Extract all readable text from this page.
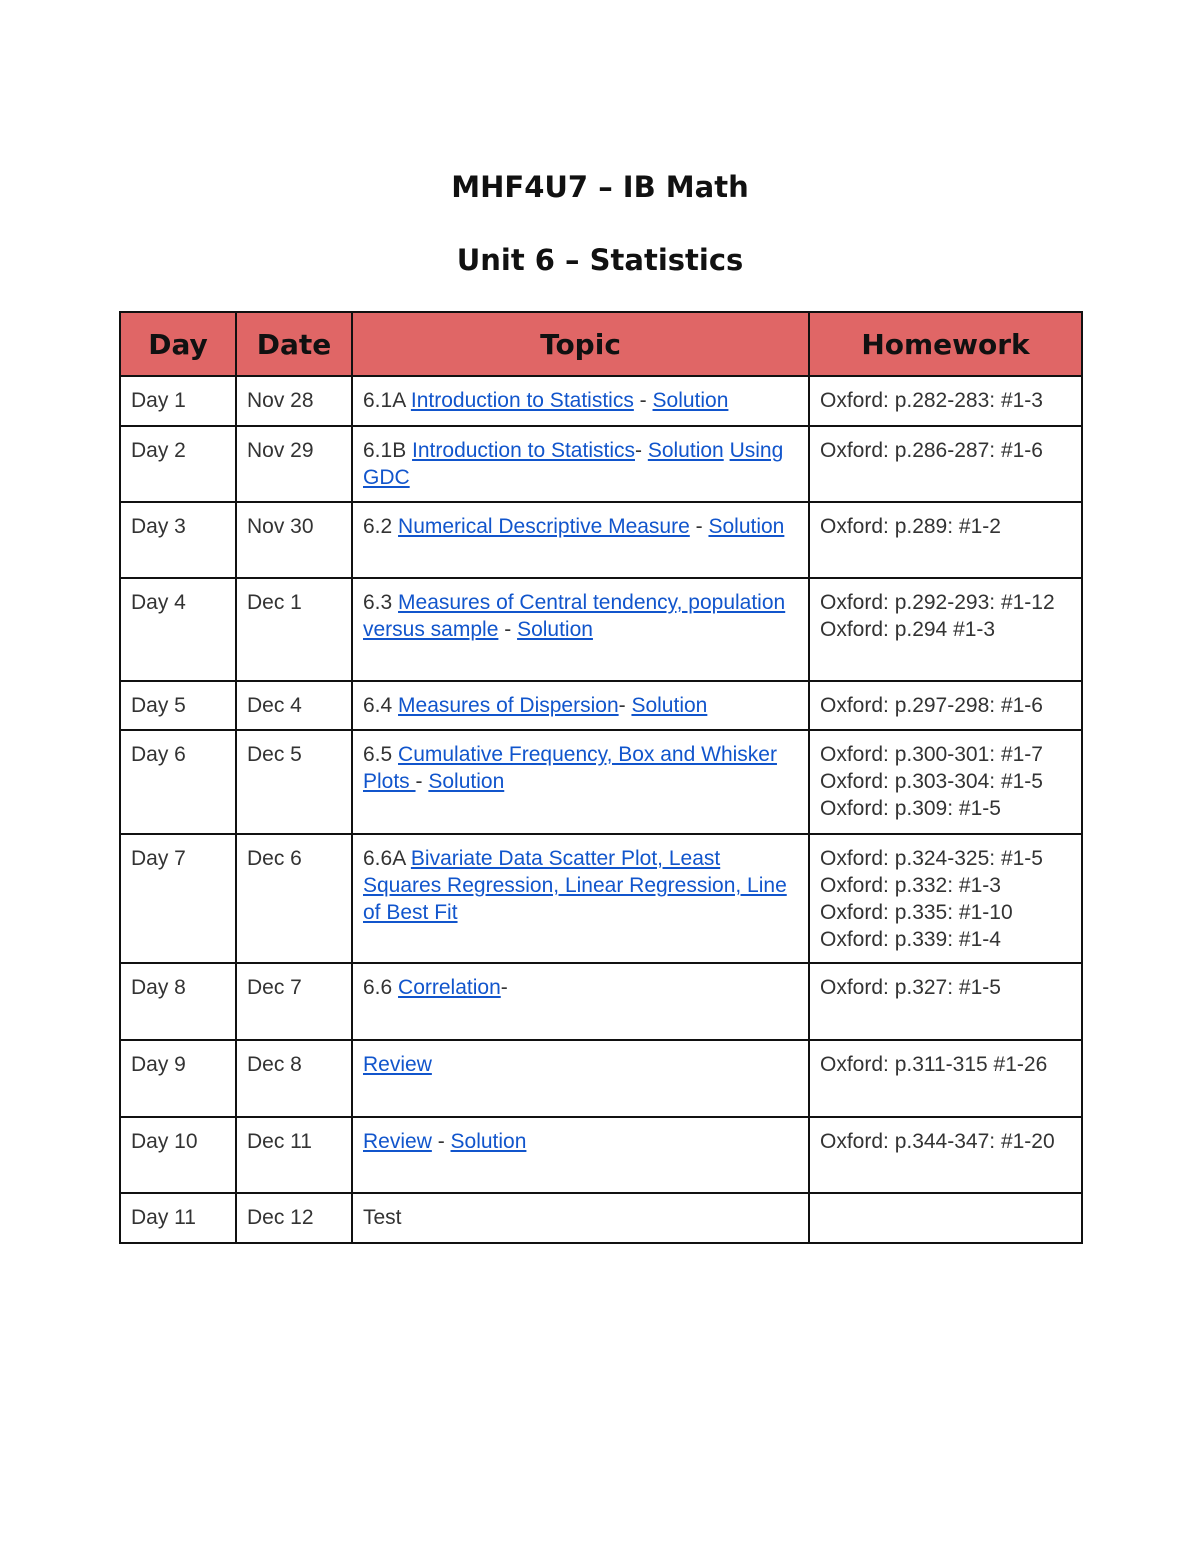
MHF4U7 – IB Math
Unit 6 – Statistics
Day	Date	Topic	Homework
Day 1	Nov 28	6.1A Introduction to Statistics - Solution	Oxford: p.282-283: #1-3

Day 2	Nov 29	6.1B Introduction to Statistics- Solution Using GDC	Oxford: p.286-287: #1-6

Day 3	Nov 30	6.2 Numerical Descriptive Measure - Solution	Oxford: p.289: #1-2

Day 4	Dec 1	6.3 Measures of Central tendency, population versus sample - Solution	Oxford: p.292-293: #1-12
Oxford: p.294 #1-3

Day 5	Dec 4	6.4 Measures of Dispersion- Solution	Oxford: p.297-298: #1-6

Day 6	Dec 5	6.5 Cumulative Frequency, Box and Whisker Plots - Solution	Oxford: p.300-301: #1-7
Oxford: p.303-304: #1-5
Oxford: p.309: #1-5

Day 7	Dec 6	6.6A Bivariate Data Scatter Plot, Least Squares Regression, Linear Regression, Line of Best Fit	Oxford: p.324-325: #1-5
Oxford: p.332: #1-3
Oxford: p.335: #1-10
Oxford: p.339: #1-4

Day 8	Dec 7	6.6 Correlation-	Oxford: p.327: #1-5

Day 9	Dec 8	Review	Oxford: p.311-315 #1-26

Day 10	Dec 11	Review - Solution	Oxford: p.344-347: #1-20

Day 11	Dec 12	Test	
